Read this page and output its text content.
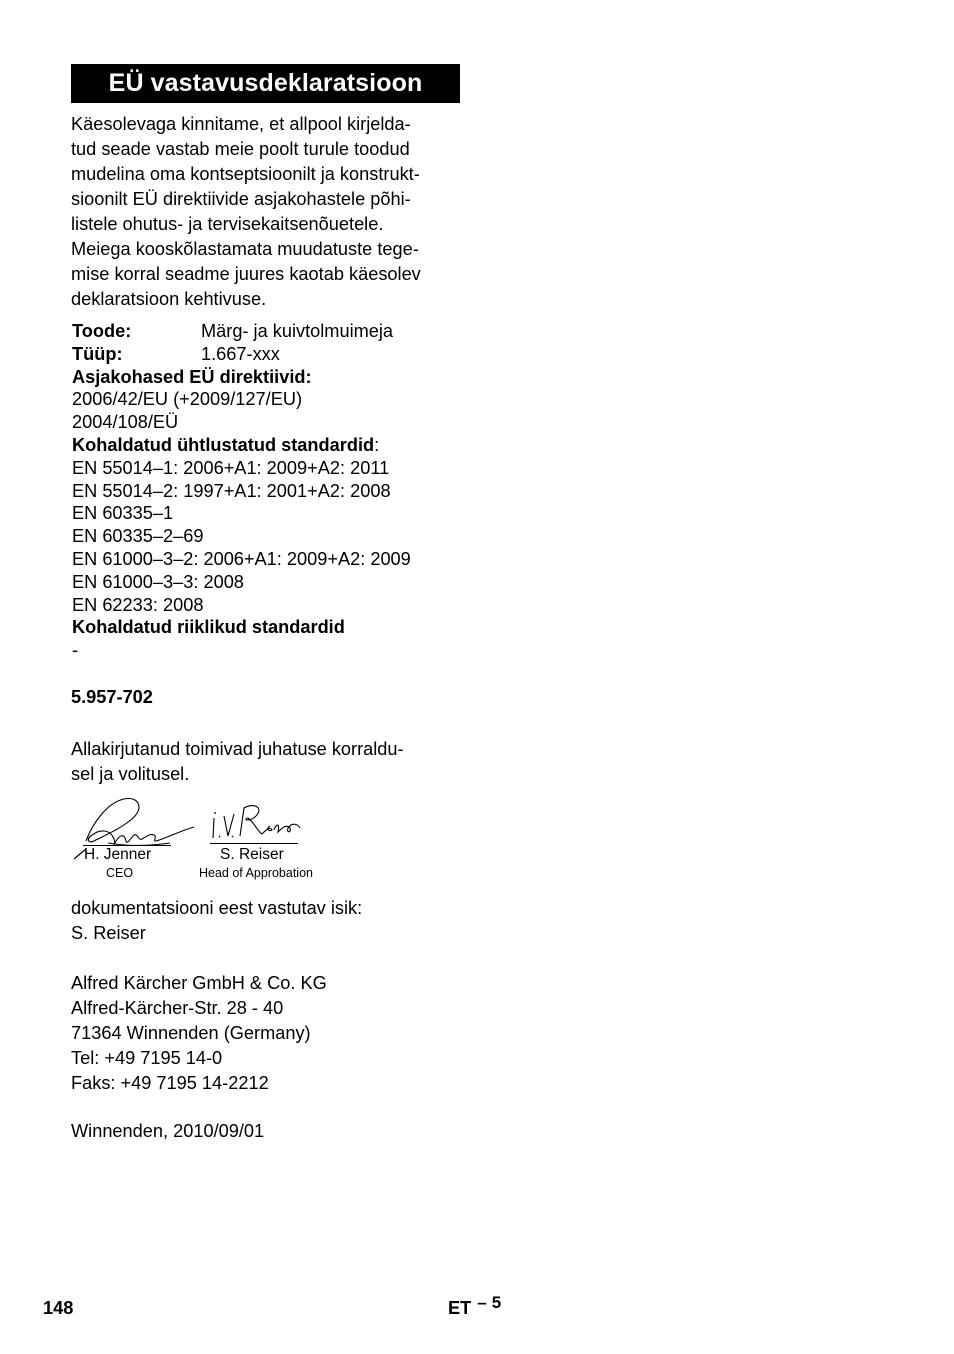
EÜ vastavusdeklaratsioon
Käesolevaga kinnitame, et allpool kirjelda-
tud seade vastab meie poolt turule toodud
mudelina oma kontseptsioonilt ja konstrukt-
sioonilt EÜ direktiivide asjakohastele põhi-
listele ohutus- ja tervisekaitsenõuetele.
Meiega kooskõlastamata muudatuste tege-
mise korral seadme juures kaotab käesolev
deklaratsioon kehtivuse.
Toode:	Märg- ja kuivtolmuimeja
Tüüp:	1.667-xxx
Asjakohased EÜ direktiivid:
2006/42/EU (+2009/127/EU)
2004/108/EÜ
Kohaldatud ühtlustatud standardid:
EN 55014–1: 2006+A1: 2009+A2: 2011
EN 55014–2: 1997+A1: 2001+A2: 2008
EN 60335–1
EN 60335–2–69
EN 61000–3–2: 2006+A1: 2009+A2: 2009
EN 61000–3–3: 2008
EN 62233: 2008
Kohaldatud riiklikud standardid
-
5.957-702
Allakirjutanud toimivad juhatuse korraldu-
sel ja volitusel.
H. Jenner
CEO
S. Reiser
Head of Approbation
dokumentatsiooni eest vastutav isik:
S. Reiser
Alfred Kärcher GmbH & Co. KG
Alfred-Kärcher-Str. 28 - 40
71364 Winnenden (Germany)
Tel: +49 7195 14-0
Faks: +49 7195 14-2212
Winnenden, 2010/09/01
148	ET – 5
